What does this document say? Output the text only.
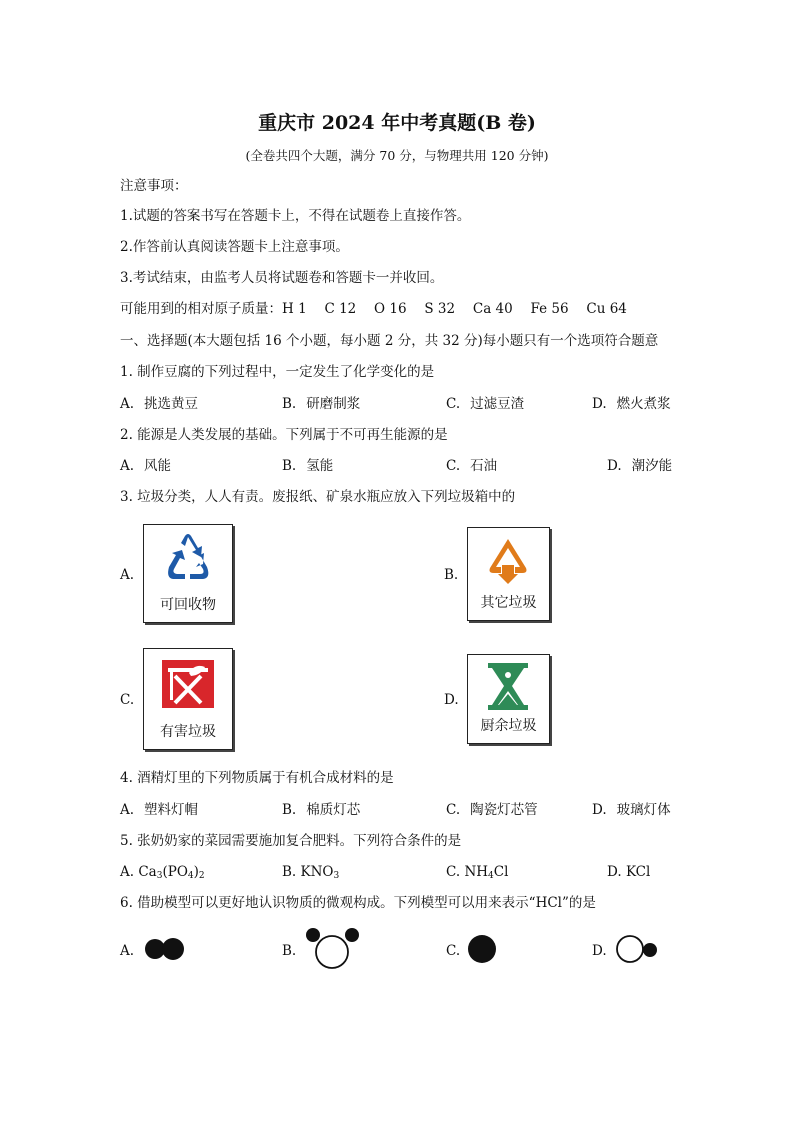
重庆市 2024 年中考真题(B 卷)
(全卷共四个大题，满分 70 分，与物理共用 120 分钟)
注意事项：
1.试题的答案书写在答题卡上，不得在试题卷上直接作答。
2.作答前认真阅读答题卡上注意事项。
3.考试结束，由监考人员将试题卷和答题卡一并收回。
可能用到的相对原子质量：H 1　 C 12　 O 16　 S 32　 Ca 40　 Fe 56　 Cu 64
一、选择题(本大题包括 16 个小题，每小题 2 分，共 32 分)每小题只有一个选项符合题意
1. 制作豆腐的下列过程中，一定发生了化学变化的是
A. 挑选黄豆	B. 研磨制浆	C. 过滤豆渣	D. 燃火煮浆
2. 能源是人类发展的基础。下列属于不可再生能源的是
A. 风能	B. 氢能	C. 石油	D. 潮汐能
3. 垃圾分类，人人有责。废报纸、矿泉水瓶应放入下列垃圾箱中的
A.
可回收物
B.
其它垃圾
C.
有害垃圾
D.
厨余垃圾
4. 酒精灯里的下列物质属于有机合成材料的是
A. 塑料灯帽	B. 棉质灯芯	C. 陶瓷灯芯管	D. 玻璃灯体
5. 张奶奶家的菜园需要施加复合肥料。下列符合条件的是
A. $Ca_3(PO_4)_2$	B. $KNO_3$	C. $NH_4Cl$	D. KCl
6. 借助模型可以更好地认识物质的微观构成。下列模型可以用来表示“HCl”的是
A.	B.	C.	D.
